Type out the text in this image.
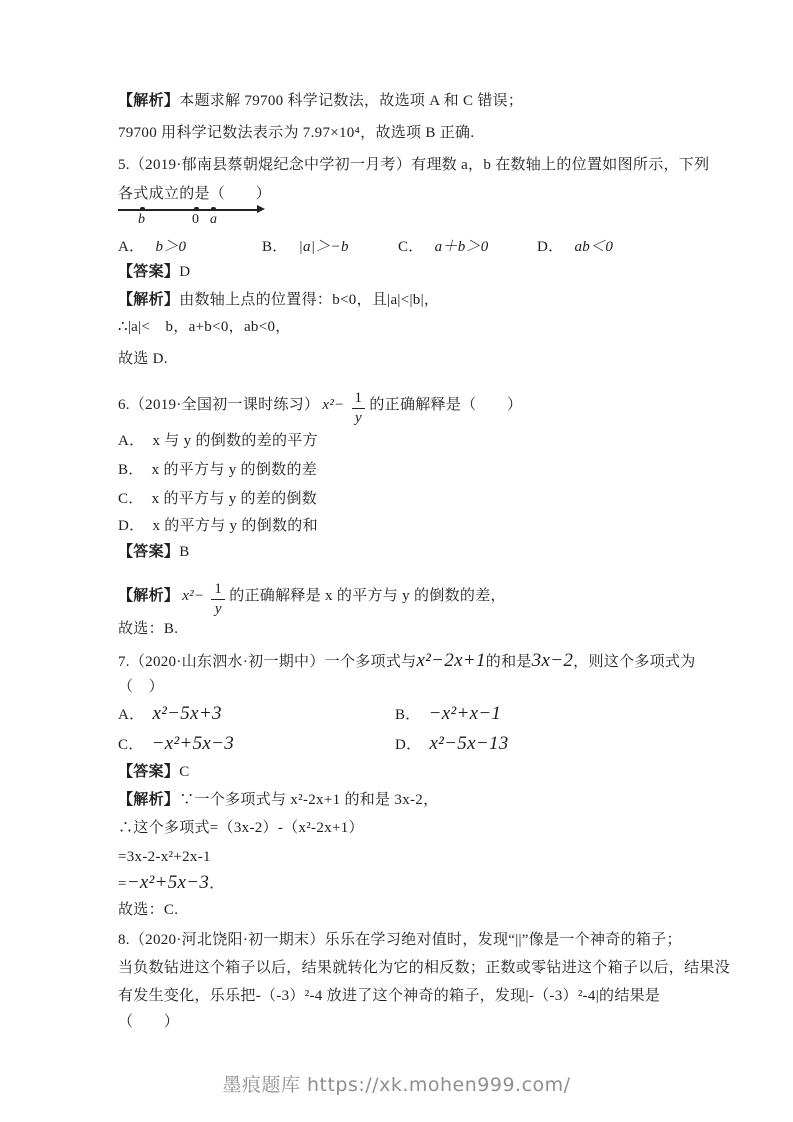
【解析】本题求解 79700 科学记数法，故选项 A 和 C 错误；
79700 用科学记数法表示为 7.97×10⁴，故选项 B 正确.
5.（2019·郁南县蔡朝焜纪念中学初一月考）有理数 a，b 在数轴上的位置如图所示，下列
各式成立的是（　　）
b	0 a
A． b＞0	B． |a|＞−b	C． a＋b＞0	D． ab＜0
【答案】D
【解析】由数轴上点的位置得：b<0，且|a|<|b|，
∴|a|<　b，a+b<0，ab<0，
故选 D.
6.（2019·全国初一课时练习） $x^2- \frac{1}{y}$ 的正确解释是（　　）
A． x 与 y 的倒数的差的平方
B． x 的平方与 y 的倒数的差
C． x 的平方与 y 的差的倒数
D． x 的平方与 y 的倒数的和
【答案】B
【解析】 $x^2- \frac{1}{y}$ 的正确解释是 x 的平方与 y 的倒数的差，
故选：B.
7.（2020·山东泗水·初一期中）一个多项式与x²−2x+1的和是3x−2，则这个多项式为
（　）
A． x²−5x+3	B． −x²+x−1
C． −x²+5x−3	D． x²−5x−13
【答案】C
【解析】∵一个多项式与 x²-2x+1 的和是 3x-2，
∴这个多项式=（3x-2）-（x²-2x+1）
=3x-2-x²+2x-1
=−x²+5x−3．
故选：C.
8.（2020·河北饶阳·初一期末）乐乐在学习绝对值时，发现“||”像是一个神奇的箱子；
当负数钻进这个箱子以后，结果就转化为它的相反数；正数或零钻进这个箱子以后，结果没
有发生变化，乐乐把-（-3）²-4 放进了这个神奇的箱子，发现|-（-3）²-4|的结果是
（　　）
墨痕题库 https://xk.mohen999.com/
